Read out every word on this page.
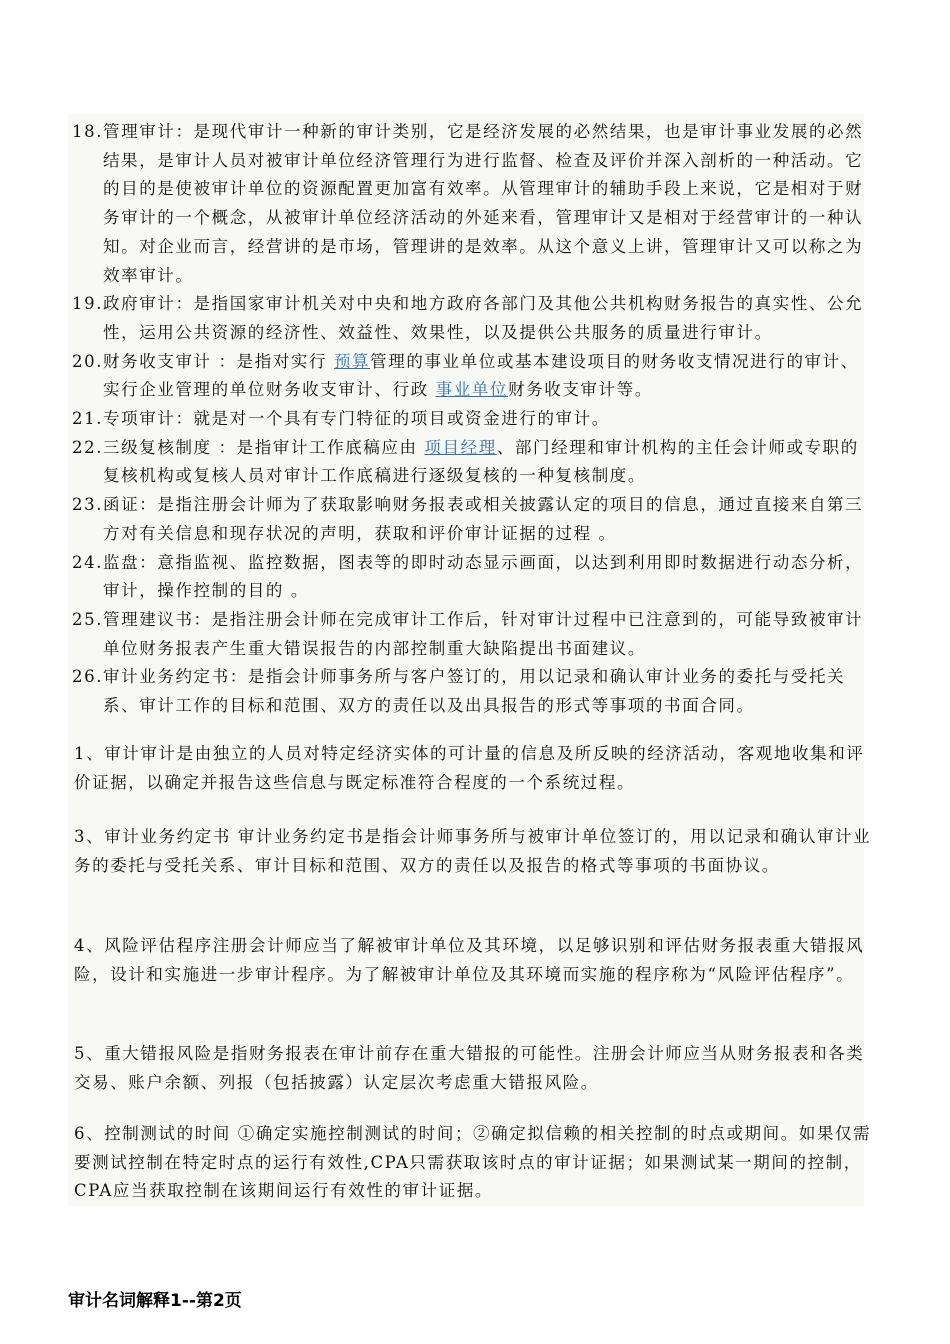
18.管理审计：是现代审计一种新的审计类别，它是经济发展的必然结果，也是审计事业发展的必然结果，是审计人员对被审计单位经济管理行为进行监督、检查及评价并深入剖析的一种活动。它的目的是使被审计单位的资源配置更加富有效率。从管理审计的辅助手段上来说，它是相对于财务审计的一个概念，从被审计单位经济活动的外延来看，管理审计又是相对于经营审计的一种认知。对企业而言，经营讲的是市场，管理讲的是效率。从这个意义上讲，管理审计又可以称之为效率审计。
19.政府审计：是指国家审计机关对中央和地方政府各部门及其他公共机构财务报告的真实性、公允性，运用公共资源的经济性、效益性、效果性，以及提供公共服务的质量进行审计。
20.财务收支审计 ：是指对实行 预算管理的事业单位或基本建设项目的财务收支情况进行的审计、实行企业管理的单位财务收支审计、行政 事业单位财务收支审计等。
21.专项审计：就是对一个具有专门特征的项目或资金进行的审计。
22.三级复核制度 ：是指审计工作底稿应由 项目经理、部门经理和审计机构的主任会计师或专职的复核机构或复核人员对审计工作底稿进行逐级复核的一种复核制度。
23.函证：是指注册会计师为了获取影响财务报表或相关披露认定的项目的信息，通过直接来自第三方对有关信息和现存状况的声明，获取和评价审计证据的过程 。
24.监盘：意指监视、监控数据，图表等的即时动态显示画面，以达到利用即时数据进行动态分析，审计，操作控制的目的 。
25.管理建议书：是指注册会计师在完成审计工作后，针对审计过程中已注意到的，可能导致被审计单位财务报表产生重大错误报告的内部控制重大缺陷提出书面建议。
26.审计业务约定书：是指会计师事务所与客户签订的，用以记录和确认审计业务的委托与受托关系、审计工作的目标和范围、双方的责任以及出具报告的形式等事项的书面合同。
1、审计审计是由独立的人员对特定经济实体的可计量的信息及所反映的经济活动，客观地收集和评价证据，以确定并报告这些信息与既定标准符合程度的一个系统过程。
3、审计业务约定书 审计业务约定书是指会计师事务所与被审计单位签订的，用以记录和确认审计业务的委托与受托关系、审计目标和范围、双方的责任以及报告的格式等事项的书面协议。
4、风险评估程序注册会计师应当了解被审计单位及其环境，以足够识别和评估财务报表重大错报风险，设计和实施进一步审计程序。为了解被审计单位及其环境而实施的程序称为“风险评估程序”。
5、重大错报风险是指财务报表在审计前存在重大错报的可能性。注册会计师应当从财务报表和各类交易、账户余额、列报（包括披露）认定层次考虑重大错报风险。
6、控制测试的时间 ①确定实施控制测试的时间；②确定拟信赖的相关控制的时点或期间。如果仅需要测试控制在特定时点的运行有效性,CPA只需获取该时点的审计证据；如果测试某一期间的控制，CPA应当获取控制在该期间运行有效性的审计证据。
审计名词解释1--第2页
